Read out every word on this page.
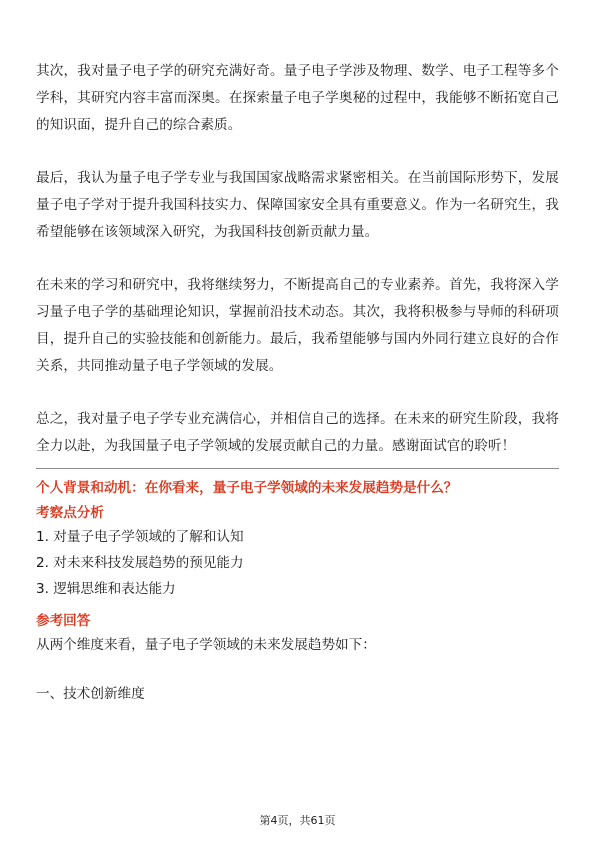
其次，我对量子电子学的研究充满好奇。量子电子学涉及物理、数学、电子工程等多个学科，其研究内容丰富而深奥。在探索量子电子学奥秘的过程中，我能够不断拓宽自己的知识面，提升自己的综合素质。

最后，我认为量子电子学专业与我国国家战略需求紧密相关。在当前国际形势下，发展量子电子学对于提升我国科技实力、保障国家安全具有重要意义。作为一名研究生，我希望能够在该领域深入研究，为我国科技创新贡献力量。

在未来的学习和研究中，我将继续努力，不断提高自己的专业素养。首先，我将深入学习量子电子学的基础理论知识，掌握前沿技术动态。其次，我将积极参与导师的科研项目，提升自己的实验技能和创新能力。最后，我希望能够与国内外同行建立良好的合作关系，共同推动量子电子学领域的发展。

总之，我对量子电子学专业充满信心，并相信自己的选择。在未来的研究生阶段，我将全力以赴，为我国量子电子学领域的发展贡献自己的力量。感谢面试官的聆听！

个人背景和动机：在你看来，量子电子学领域的未来发展趋势是什么？

考察点分析

1. 对量子电子学领域的了解和认知
2. 对未来科技发展趋势的预见能力
3. 逻辑思维和表达能力

参考回答

从两个维度来看，量子电子学领域的未来发展趋势如下：

一、技术创新维度

第4页，共61页
